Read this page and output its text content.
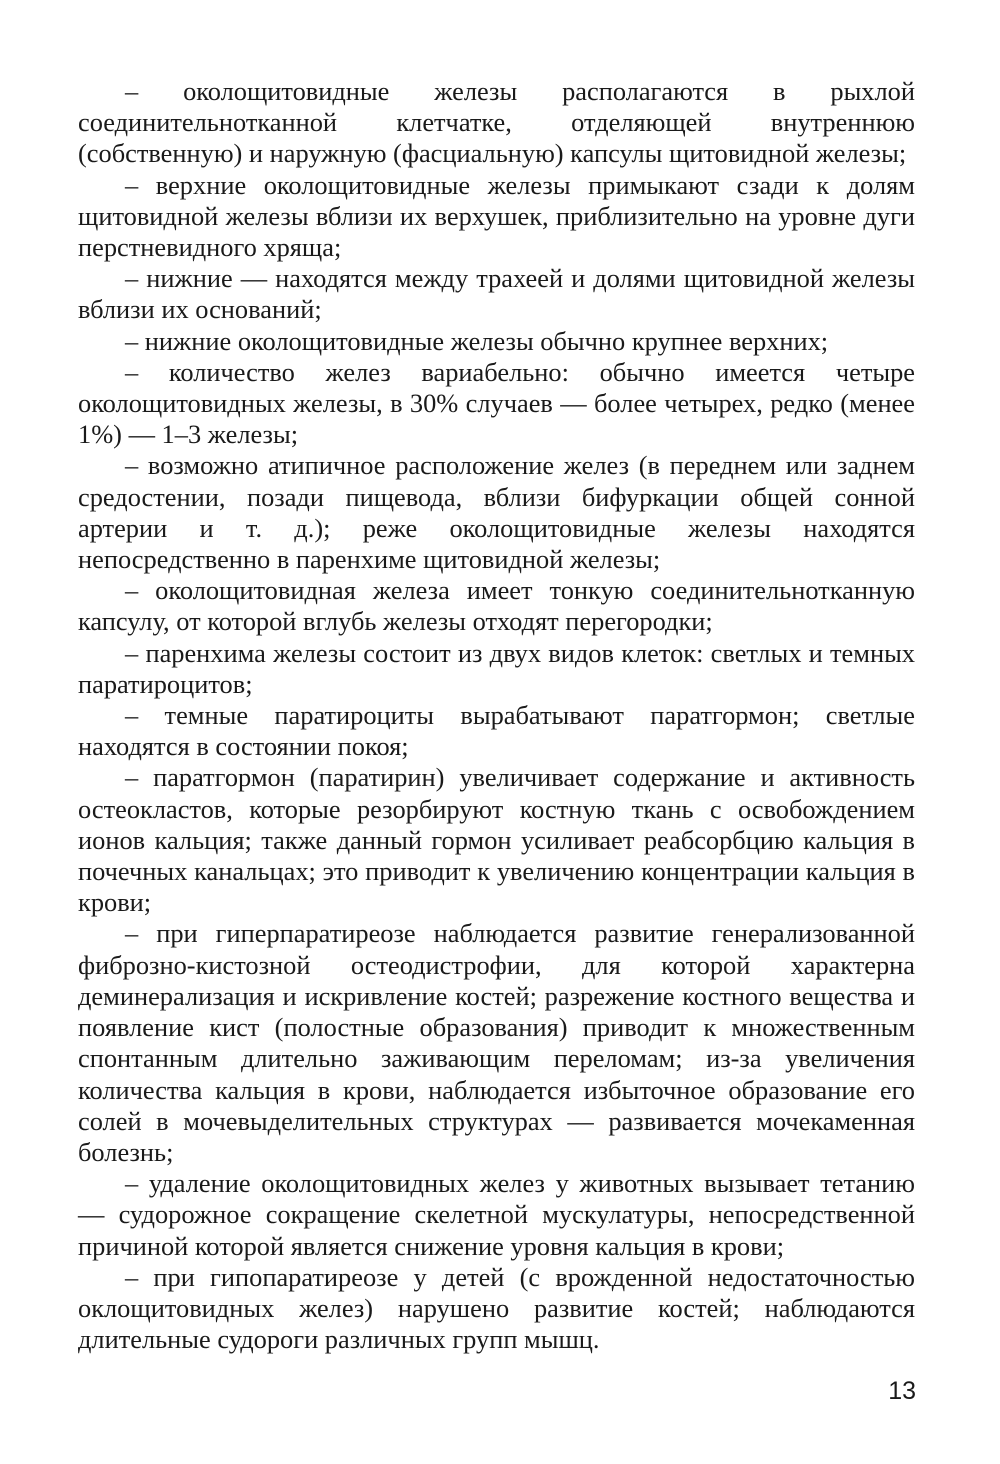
– околощитовидные железы располагаются в рыхлой соединительнотканной клетчатке, отделяющей внутреннюю (собственную) и наружную (фасциальную) капсулы щитовидной железы;

– верхние околощитовидные железы примыкают сзади к долям щитовидной железы вблизи их верхушек, приблизительно на уровне дуги перстневидного хряща;

– нижние — находятся между трахеей и долями щитовидной железы вблизи их оснований;

– нижние околощитовидные железы обычно крупнее верхних;

– количество желез вариабельно: обычно имеется четыре околощитовидных железы, в 30% случаев — более четырех, редко (менее 1%) — 1–3 железы;

– возможно атипичное расположение желез (в переднем или заднем средостении, позади пищевода, вблизи бифуркации общей сонной артерии и т. д.); реже околощитовидные железы находятся непосредственно в паренхиме щитовидной железы;

– околощитовидная железа имеет тонкую соединительнотканную капсулу, от которой вглубь железы отходят перегородки;

– паренхима железы состоит из двух видов клеток: светлых и темных паратироцитов;

– темные паратироциты вырабатывают паратгормон; светлые находятся в состоянии покоя;

– паратгормон (паратирин) увеличивает содержание и активность остеокластов, которые резорбируют костную ткань с освобождением ионов кальция; также данный гормон усиливает реабсорбцию кальция в почечных канальцах; это приводит к увеличению концентрации кальция в крови;

– при гиперпаратиреозе наблюдается развитие генерализованной фиброзно-кистозной остеодистрофии, для которой характерна деминерализация и искривление костей; разрежение костного вещества и появление кист (полостные образования) приводит к множественным спонтанным длительно заживающим переломам; из-за увеличения количества кальция в крови, наблюдается избыточное образование его солей в мочевыделительных структурах — развивается мочекаменная болезнь;

– удаление околощитовидных желез у животных вызывает тетанию — судорожное сокращение скелетной мускулатуры, непосредственной причиной которой является снижение уровня кальция в крови;

– при гипопаратиреозе у детей (с врожденной недостаточностью оклощитовидных желез) нарушено развитие костей; наблюдаются длительные судороги различных групп мышц.

13
